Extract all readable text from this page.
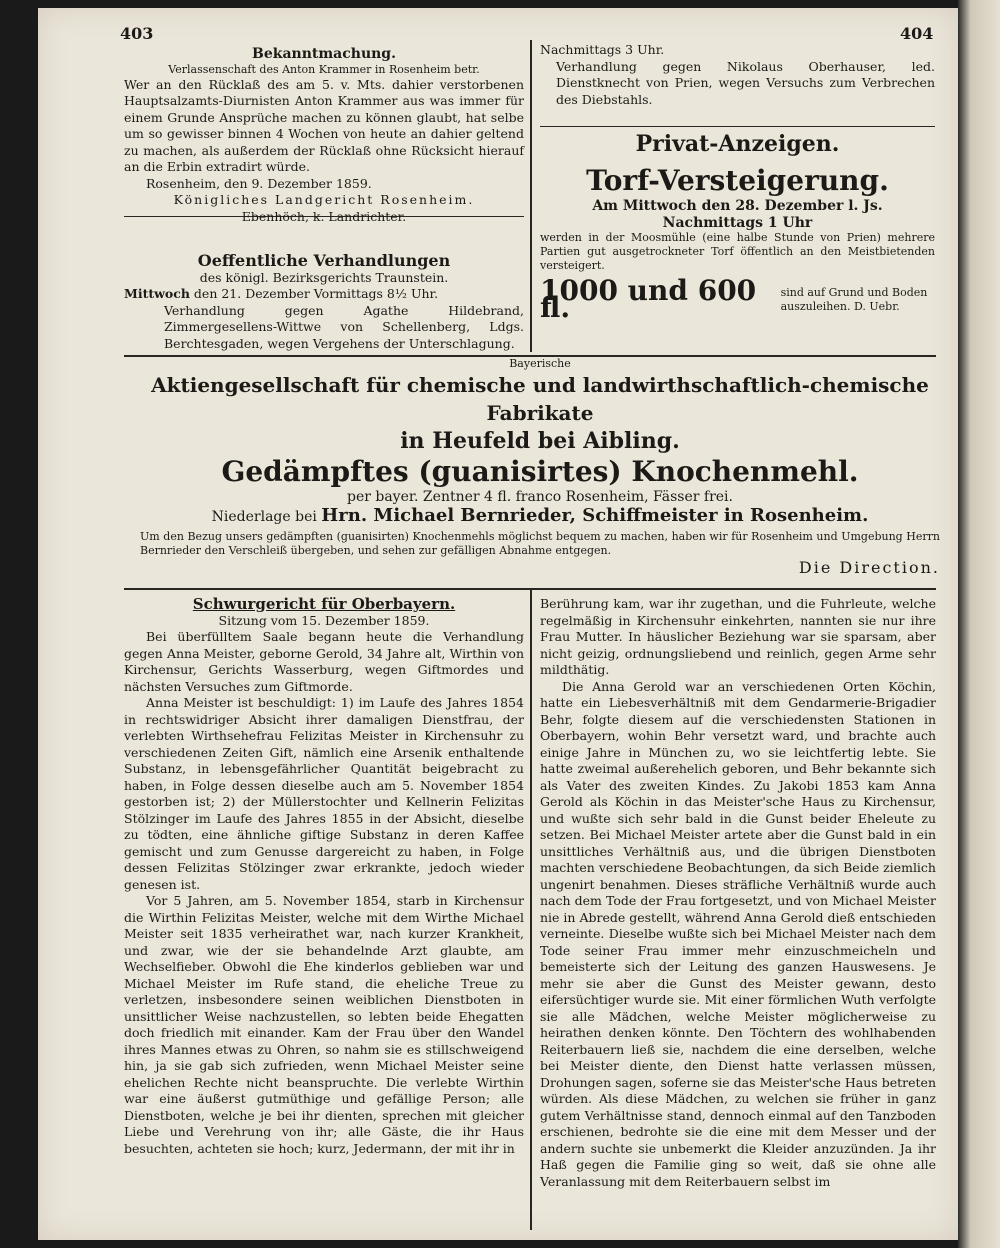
403	404
Bekanntmachung.
Verlassenschaft des Anton Krammer in Rosenheim betr.

Wer an den Rücklaß des am 5. v. Mts. dahier verstorbenen Hauptsalzamts-Diurnisten Anton Krammer aus was immer für einem Grunde Ansprüche machen zu können glaubt, hat selbe um so gewisser binnen 4 Wochen von heute an dahier geltend zu machen, als außerdem der Rücklaß ohne Rücksicht hierauf an die Erbin extradirt würde.

Rosenheim, den 9. Dezember 1859.

Königliches Landgericht Rosenheim.

Ebenhöch, k. Landrichter.

Oeffentliche Verhandlungen
des königl. Bezirksgerichts Traunstein.

Mittwoch den 21. Dezember Vormittags 8½ Uhr.

Verhandlung gegen Agathe Hildebrand, Zimmergesellens-Wittwe von Schellenberg, Ldgs. Berchtesgaden, wegen Vergehens der Unterschlagung.

Nachmittags 3 Uhr.

Verhandlung gegen Nikolaus Oberhauser, led. Dienstknecht von Prien, wegen Versuchs zum Verbrechen des Diebstahls.

Privat-Anzeigen.
Torf-Versteigerung.
Am Mittwoch den 28. Dezember l. Js.
Nachmittags 1 Uhr

werden in der Moosmühle (eine halbe Stunde von Prien) mehrere Partien gut ausgetrockneter Torf öffentlich an den Meistbietenden versteigert.

1000 und 600 fl.	sind auf Grund und Boden auszuleihen. D. Uebr.
Bayerische
Aktiengesellschaft für chemische und landwirthschaftlich-chemische Fabrikate
in Heufeld bei Aibling.
Gedämpftes (guanisirtes) Knochenmehl.
per bayer. Zentner 4 fl. franco Rosenheim, Fässer frei.
Niederlage bei Hrn. Michael Bernrieder, Schiffmeister in Rosenheim.

Um den Bezug unsers gedämpften (guanisirten) Knochenmehls möglichst bequem zu machen, haben wir für Rosenheim und Umgebung Herrn Bernrieder den Verschleiß übergeben, und sehen zur gefälligen Abnahme entgegen.

Die Direction.

Schwurgericht für Oberbayern.
Sitzung vom 15. Dezember 1859.

Bei überfülltem Saale begann heute die Verhandlung gegen Anna Meister, geborne Gerold, 34 Jahre alt, Wirthin von Kirchensur, Gerichts Wasserburg, wegen Giftmordes und nächsten Versuches zum Giftmorde.

Anna Meister ist beschuldigt: 1) im Laufe des Jahres 1854 in rechtswidriger Absicht ihrer damaligen Dienstfrau, der verlebten Wirthsehefrau Felizitas Meister in Kirchensuhr zu verschiedenen Zeiten Gift, nämlich eine Arsenik enthaltende Substanz, in lebensgefährlicher Quantität beigebracht zu haben, in Folge dessen dieselbe auch am 5. November 1854 gestorben ist; 2) der Müllerstochter und Kellnerin Felizitas Stölzinger im Laufe des Jahres 1855 in der Absicht, dieselbe zu tödten, eine ähnliche giftige Substanz in deren Kaffee gemischt und zum Genusse dargereicht zu haben, in Folge dessen Felizitas Stölzinger zwar erkrankte, jedoch wieder genesen ist.

Vor 5 Jahren, am 5. November 1854, starb in Kirchensur die Wirthin Felizitas Meister, welche mit dem Wirthe Michael Meister seit 1835 verheirathet war, nach kurzer Krankheit, und zwar, wie der sie behandelnde Arzt glaubte, am Wechselfieber. Obwohl die Ehe kinderlos geblieben war und Michael Meister im Rufe stand, die eheliche Treue zu verletzen, insbesondere seinen weiblichen Dienstboten in unsittlicher Weise nachzustellen, so lebten beide Ehegatten doch friedlich mit einander. Kam der Frau über den Wandel ihres Mannes etwas zu Ohren, so nahm sie es stillschweigend hin, ja sie gab sich zufrieden, wenn Michael Meister seine ehelichen Rechte nicht beanspruchte. Die verlebte Wirthin war eine äußerst gutmüthige und gefällige Person; alle Dienstboten, welche je bei ihr dienten, sprechen mit gleicher Liebe und Verehrung von ihr; alle Gäste, die ihr Haus besuchten, achteten sie hoch; kurz, Jedermann, der mit ihr in

Berührung kam, war ihr zugethan, und die Fuhrleute, welche regelmäßig in Kirchensuhr einkehrten, nannten sie nur ihre Frau Mutter. In häuslicher Beziehung war sie sparsam, aber nicht geizig, ordnungsliebend und reinlich, gegen Arme sehr mildthätig.

Die Anna Gerold war an verschiedenen Orten Köchin, hatte ein Liebesverhältniß mit dem Gendarmerie-Brigadier Behr, folgte diesem auf die verschiedensten Stationen in Oberbayern, wohin Behr versetzt ward, und brachte auch einige Jahre in München zu, wo sie leichtfertig lebte. Sie hatte zweimal außerehelich geboren, und Behr bekannte sich als Vater des zweiten Kindes. Zu Jakobi 1853 kam Anna Gerold als Köchin in das Meister'sche Haus zu Kirchensur, und wußte sich sehr bald in die Gunst beider Eheleute zu setzen. Bei Michael Meister artete aber die Gunst bald in ein unsittliches Verhältniß aus, und die übrigen Dienstboten machten verschiedene Beobachtungen, da sich Beide ziemlich ungenirt benahmen. Dieses sträfliche Verhältniß wurde auch nach dem Tode der Frau fortgesetzt, und von Michael Meister nie in Abrede gestellt, während Anna Gerold dieß entschieden verneinte. Dieselbe wußte sich bei Michael Meister nach dem Tode seiner Frau immer mehr einzuschmeicheln und bemeisterte sich der Leitung des ganzen Hauswesens. Je mehr sie aber die Gunst des Meister gewann, desto eifersüchtiger wurde sie. Mit einer förmlichen Wuth verfolgte sie alle Mädchen, welche Meister möglicherweise zu heirathen denken könnte. Den Töchtern des wohlhabenden Reiterbauern ließ sie, nachdem die eine derselben, welche bei Meister diente, den Dienst hatte verlassen müssen, Drohungen sagen, soferne sie das Meister'sche Haus betreten würden. Als diese Mädchen, zu welchen sie früher in ganz gutem Verhältnisse stand, dennoch einmal auf den Tanzboden erschienen, bedrohte sie die eine mit dem Messer und der andern suchte sie unbemerkt die Kleider anzuzünden. Ja ihr Haß gegen die Familie ging so weit, daß sie ohne alle Veranlassung mit dem Reiterbauern selbst im
